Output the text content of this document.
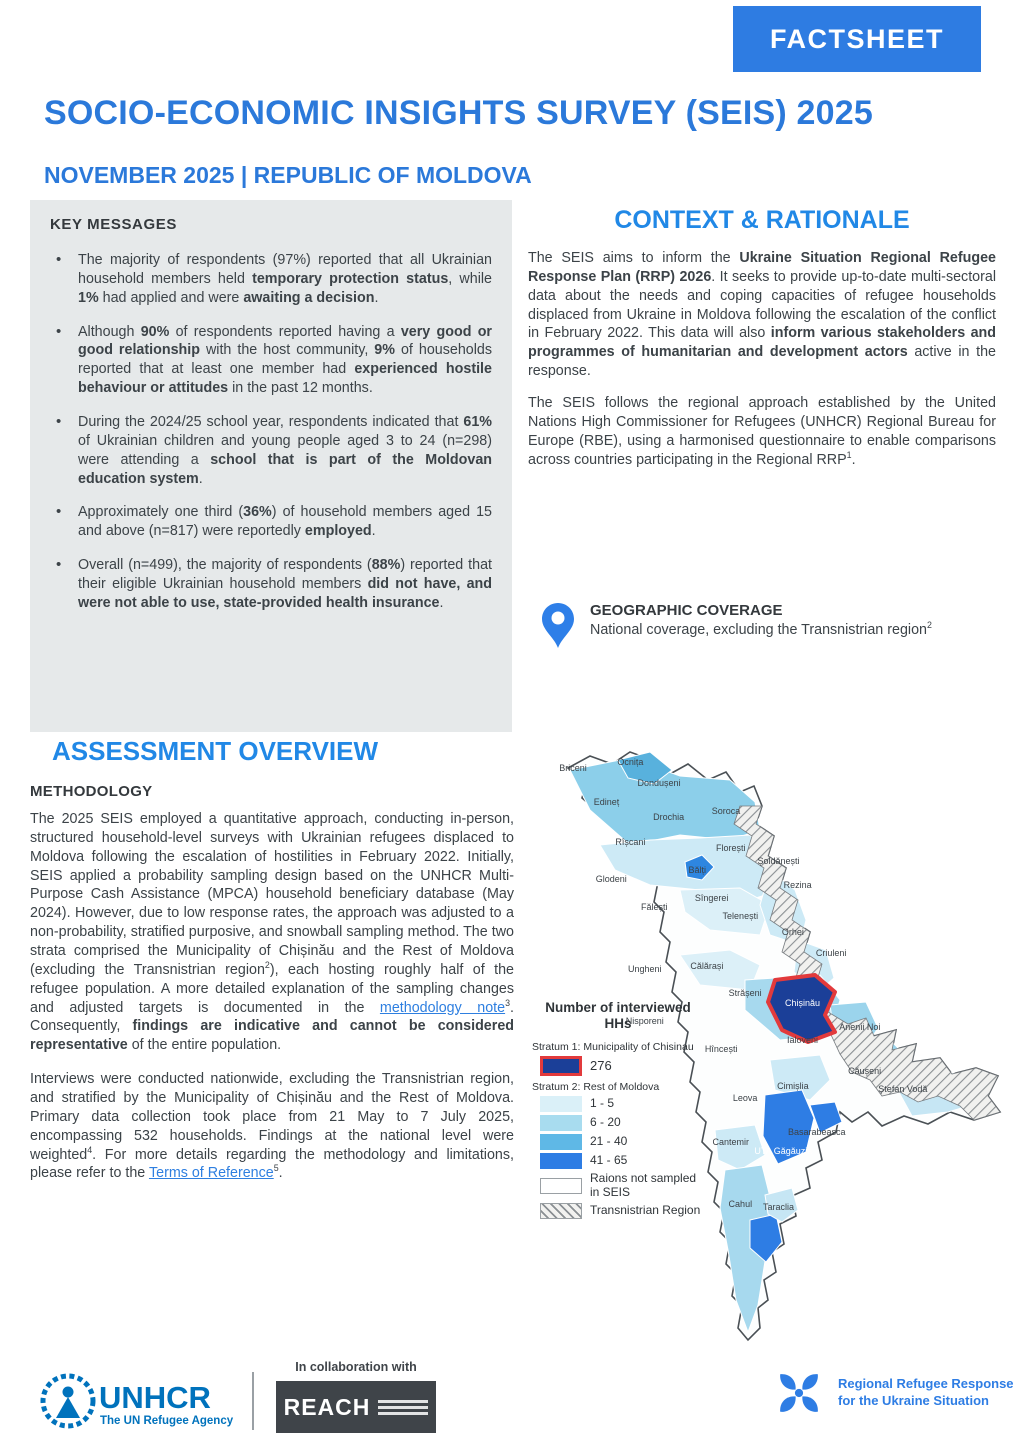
FACTSHEET
SOCIO-ECONOMIC INSIGHTS SURVEY (SEIS) 2025
NOVEMBER 2025 | REPUBLIC OF MOLDOVA
KEY MESSAGES
• The majority of respondents (97%) reported that all Ukrainian household members held temporary protection status, while 1% had applied and were awaiting a decision.
• Although 90% of respondents reported having a very good or good relationship with the host community, 9% of households reported that at least one member had experienced hostile behaviour or attitudes in the past 12 months.
• During the 2024/25 school year, respondents indicated that 61% of Ukrainian children and young people aged 3 to 24 (n=298) were attending a school that is part of the Moldovan education system.
• Approximately one third (36%) of household members aged 15 and above (n=817) were reportedly employed.
• Overall (n=499), the majority of respondents (88%) reported that their eligible Ukrainian household members did not have, and were not able to use, state-provided health insurance.
CONTEXT & RATIONALE

The SEIS aims to inform the Ukraine Situation Regional Refugee Response Plan (RRP) 2026. It seeks to provide up-to-date multi-sectoral data about the needs and coping capacities of refugee households displaced from Ukraine in Moldova following the escalation of the conflict in February 2022. This data will also inform various stakeholders and programmes of humanitarian and development actors active in the response.

The SEIS follows the regional approach established by the United Nations High Commissioner for Refugees (UNHCR) Regional Bureau for Europe (RBE), using a harmonised questionnaire to enable comparisons across countries participating in the Regional RRP$^1$.

GEOGRAPHIC COVERAGE
National coverage, excluding the Transnistrian region$^2$
ASSESSMENT OVERVIEW
METHODOLOGY

The 2025 SEIS employed a quantitative approach, conducting in-person, structured household-level surveys with Ukrainian refugees displaced to Moldova following the escalation of hostilities in February 2022. Initially, SEIS applied a probability sampling design based on the UNHCR Multi-Purpose Cash Assistance (MPCA) household beneficiary database (May 2024). However, due to low response rates, the approach was adjusted to a non-probability, stratified purposive, and snowball sampling method. The two strata comprised the Municipality of Chișinău and the Rest of Moldova (excluding the Transnistrian region$^2$), each hosting roughly half of the refugee population. A more detailed explanation of the sampling changes and adjusted targets is documented in the methodology note$^3$. Consequently, findings are indicative and cannot be considered representative of the entire population.

Interviews were conducted nationwide, excluding the Transnistrian region, and stratified by the Municipality of Chișinău and the Rest of Moldova. Primary data collection took place from 21 May to 7 July 2025, encompassing 532 households. Findings at the national level were weighted$^4$. For more details regarding the methodology and limitations, please refer to the Terms of Reference$^5$.

Briceni
Ocnița
Dondușeni
Edineț
Soroca
Drochia
Rîșcani
Florești
Șoldănești
Glodeni
Bălți
Sîngerei
Rezina
Fălești
Telenești
Orhei
Ungheni	Călărași
Criuleni
Strășeni
Nisporeni
Chișinău
Ialoveni
Anenii Noi
Hîncești
Căușeni
Ștefan Vodă
Cimișlia
Leova
Basarabeasca
UTA Găgăuzia
Cantemir
Cahul Taraclia
Number of interviewed HHs
Stratum 1: Municipality of Chisinau
276
Stratum 2: Rest of Moldova
1 - 5
6 - 20
21 - 40
41 - 65
Raions not sampled in SEIS
Transnistrian Region
UNHCR
The UN Refugee Agency
In collaboration with
REACH
Regional Refugee Response
for the Ukraine Situation
